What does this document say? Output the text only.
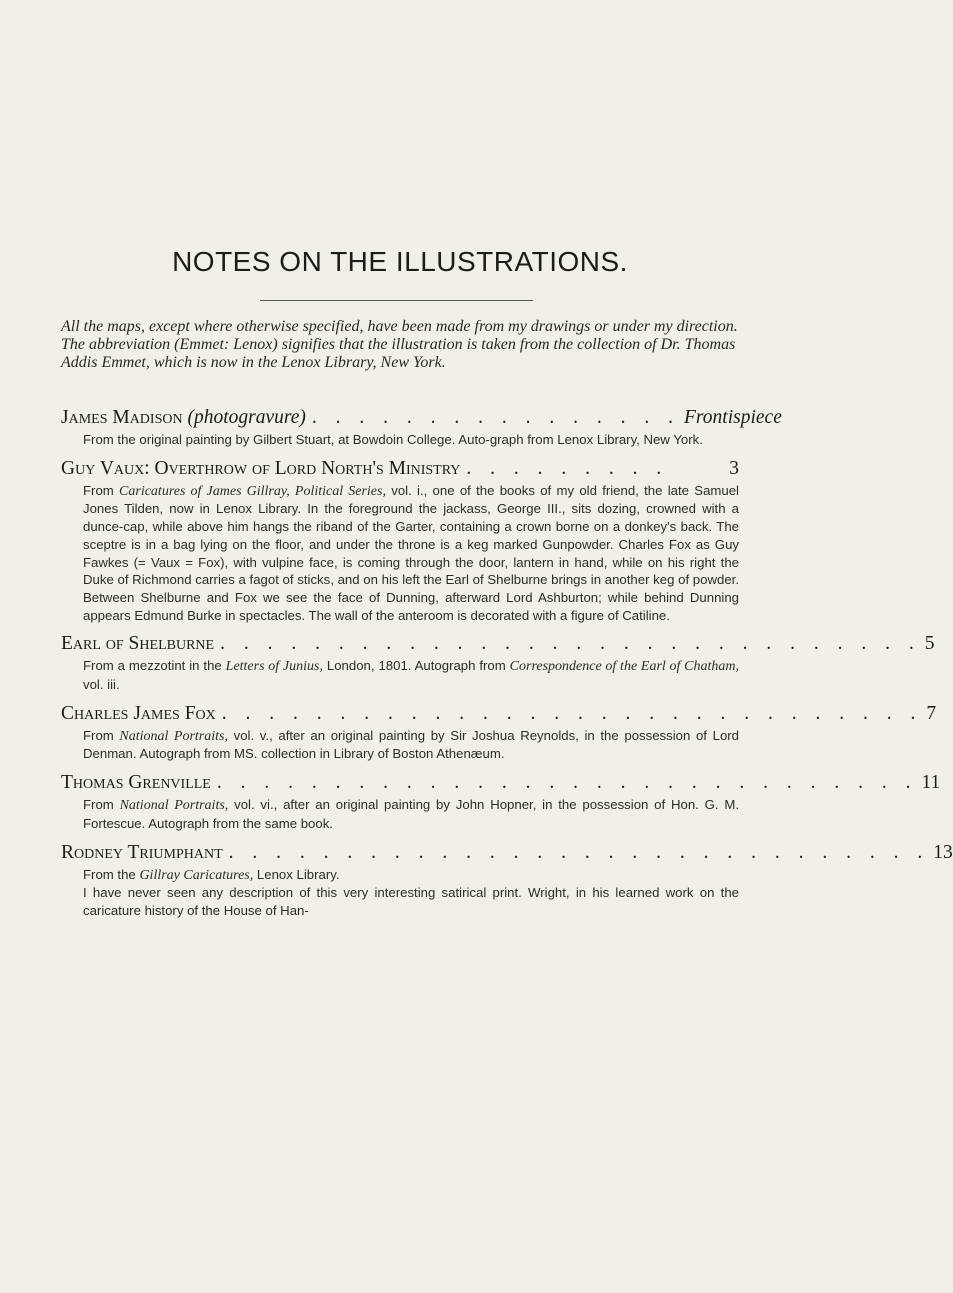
NOTES ON THE ILLUSTRATIONS.

All the maps, except where otherwise specified, have been made from my drawings or under my direction.

The abbreviation (Emmet: Lenox) signifies that the illustration is taken from the collection of Dr. Thomas Addis Emmet, which is now in the Lenox Library, New York.

James Madison
(photogravure) . . . . . . . . . . . . . . . . Frontispiece

From the original painting by Gilbert Stuart, at Bowdoin College. Auto-graph from Lenox Library, New York.

Guy Vaux: Overthrow of Lord North's Ministry . . . . . . . . .	3

From Caricatures of James Gillray, Political Series, vol. i., one of the books of my old friend, the late Samuel Jones Tilden, now in Lenox Library. In the foreground the jackass, George III., sits dozing, crowned with a dunce-cap, while above him hangs the riband of the Garter, containing a crown borne on a donkey's back. The sceptre is in a bag lying on the floor, and under the throne is a keg marked Gunpowder. Charles Fox as Guy Fawkes (= Vaux = Fox), with vulpine face, is coming through the door, lantern in hand, while on his right the Duke of Richmond carries a fagot of sticks, and on his left the Earl of Shelburne brings in another keg of powder. Between Shelburne and Fox we see the face of Dunning, afterward Lord Ashburton; while behind Dunning appears Edmund Burke in spectacles. The wall of the anteroom is decorated with a figure of Catiline.

Earl of Shelburne . . . . . . . . . . . . . . . . . . . . . . . . . . . . . . 5

From a mezzotint in the Letters of Junius, London, 1801. Autograph from Correspondence of the Earl of Chatham, vol. iii.

Charles James Fox . . . . . . . . . . . . . . . . . . . . . . . . . . . . . . 7

From National Portraits, vol. v., after an original painting by Sir Joshua Reynolds, in the possession of Lord Denman. Autograph from MS. collection in Library of Boston Athenæum.

Thomas Grenville . . . . . . . . . . . . . . . . . . . . . . . . . . . . . . 11

From National Portraits, vol. vi., after an original painting by John Hopner, in the possession of Hon. G. M. Fortescue. Autograph from the same book.

Rodney Triumphant . . . . . . . . . . . . . . . . . . . . . . . . . . . . . . 13

From the Gillray Caricatures, Lenox Library.

I have never seen any description of this very interesting satirical print. Wright, in his learned work on the caricature history of the House of Han-
